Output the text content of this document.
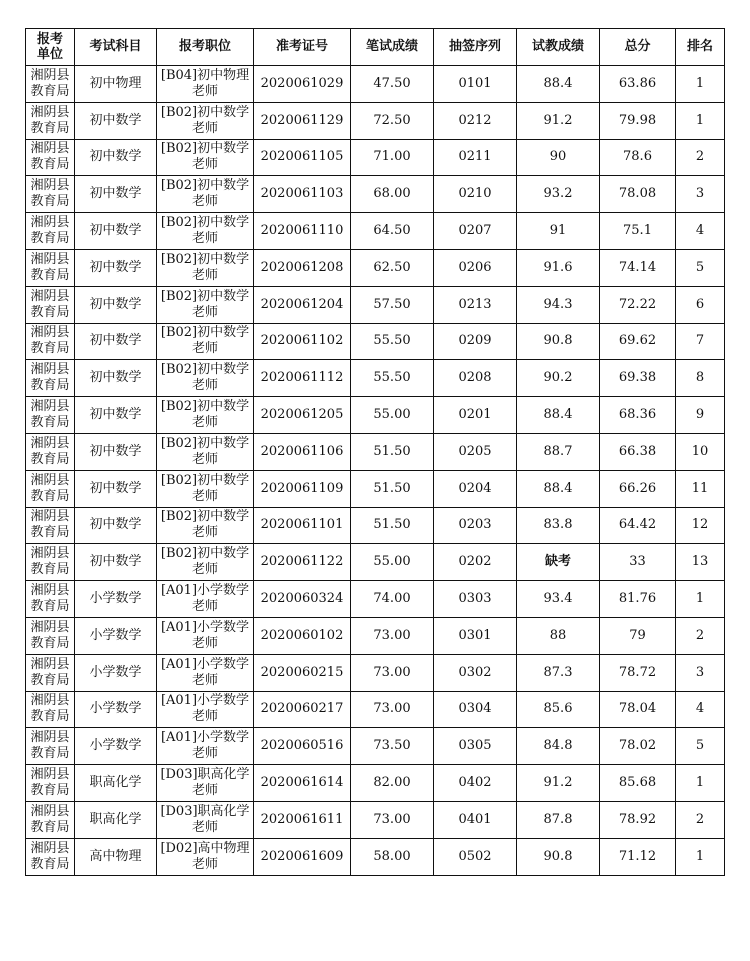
报考单位	考试科目	报考职位	准考证号	笔试成绩	抽签序列	试教成绩	总分	排名
湘阴县教育局	初中物理	[B04]初中物理老师	2020061029	47.50	0101	88.4	63.86	1
湘阴县教育局	初中数学	[B02]初中数学老师	2020061129	72.50	0212	91.2	79.98	1
湘阴县教育局	初中数学	[B02]初中数学老师	2020061105	71.00	0211	90	78.6	2
湘阴县教育局	初中数学	[B02]初中数学老师	2020061103	68.00	0210	93.2	78.08	3
湘阴县教育局	初中数学	[B02]初中数学老师	2020061110	64.50	0207	91	75.1	4
湘阴县教育局	初中数学	[B02]初中数学老师	2020061208	62.50	0206	91.6	74.14	5
湘阴县教育局	初中数学	[B02]初中数学老师	2020061204	57.50	0213	94.3	72.22	6
湘阴县教育局	初中数学	[B02]初中数学老师	2020061102	55.50	0209	90.8	69.62	7
湘阴县教育局	初中数学	[B02]初中数学老师	2020061112	55.50	0208	90.2	69.38	8
湘阴县教育局	初中数学	[B02]初中数学老师	2020061205	55.00	0201	88.4	68.36	9
湘阴县教育局	初中数学	[B02]初中数学老师	2020061106	51.50	0205	88.7	66.38	10
湘阴县教育局	初中数学	[B02]初中数学老师	2020061109	51.50	0204	88.4	66.26	11
湘阴县教育局	初中数学	[B02]初中数学老师	2020061101	51.50	0203	83.8	64.42	12
湘阴县教育局	初中数学	[B02]初中数学老师	2020061122	55.00	0202	缺考	33	13
湘阴县教育局	小学数学	[A01]小学数学老师	2020060324	74.00	0303	93.4	81.76	1
湘阴县教育局	小学数学	[A01]小学数学老师	2020060102	73.00	0301	88	79	2
湘阴县教育局	小学数学	[A01]小学数学老师	2020060215	73.00	0302	87.3	78.72	3
湘阴县教育局	小学数学	[A01]小学数学老师	2020060217	73.00	0304	85.6	78.04	4
湘阴县教育局	小学数学	[A01]小学数学老师	2020060516	73.50	0305	84.8	78.02	5
湘阴县教育局	职高化学	[D03]职高化学老师	2020061614	82.00	0402	91.2	85.68	1
湘阴县教育局	职高化学	[D03]职高化学老师	2020061611	73.00	0401	87.8	78.92	2
湘阴县教育局	高中物理	[D02]高中物理老师	2020061609	58.00	0502	90.8	71.12	1
